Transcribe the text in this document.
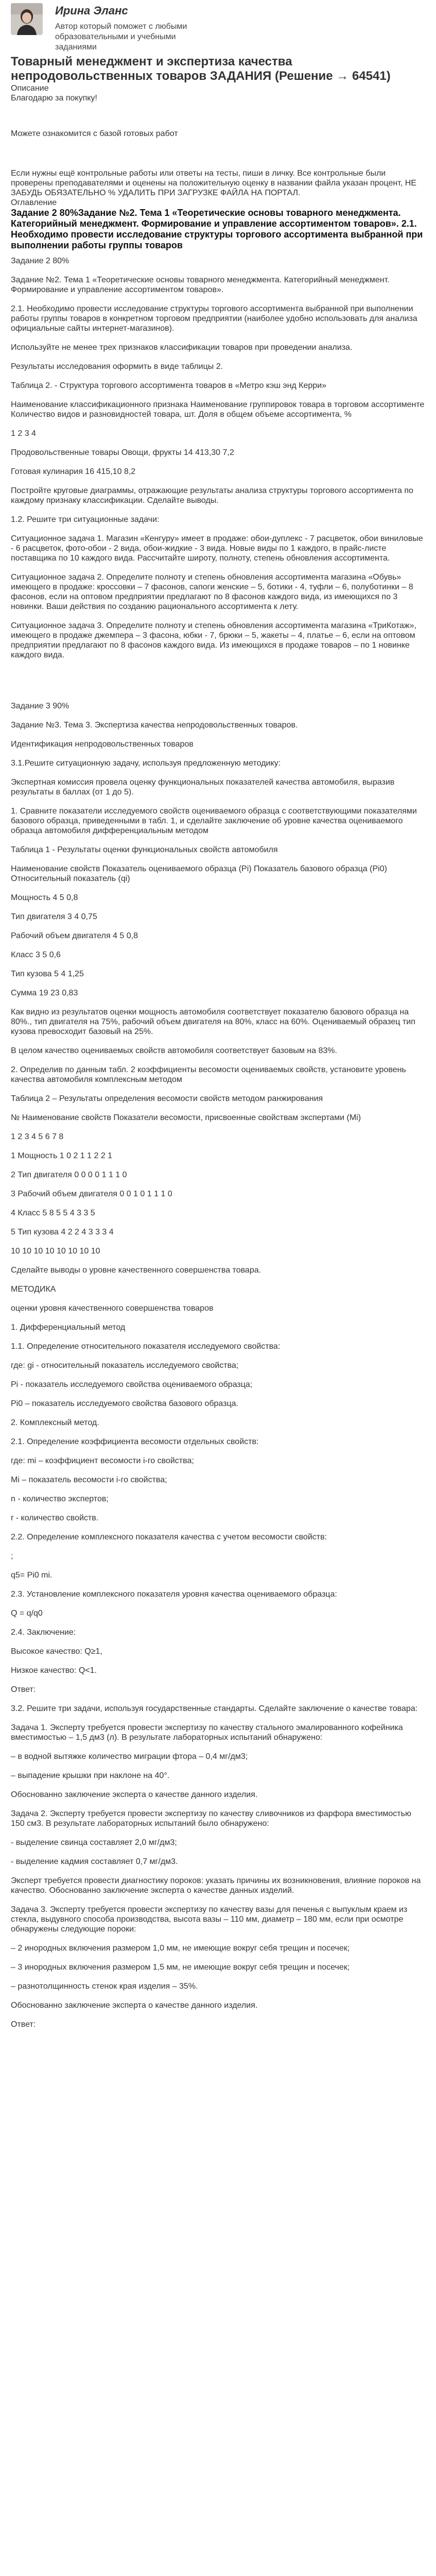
Ирина Эланс
Автор который поможет с любыми образовательными и учебными заданиями
Товарный менеджмент и экспертиза качества непродовольственных товаров ЗАДАНИЯ (Решение → 64541)
Описание
Благодарю за покупку!
Можете ознакомится с базой готовых работ
Если нужны ещё контрольные работы или ответы на тесты, пиши в личку. Все контрольные были проверены преподавателями и оценены на положительную оценку в названии файла указан процент, НЕ ЗАБУДЬ ОБЯЗАТЕЛЬНО % УДАЛИТЬ ПРИ ЗАГРУЗКЕ ФАЙЛА НА ПОРТАЛ.
Оглавление
Задание 2 80%Задание №2. Тема 1 «Теоретические основы товарного менеджмента. Категорийный менеджмент. Формирование и управление ассортиментом товаров». 2.1. Необходимо провести исследование структуры торгового ассортимента выбранной при выполнении работы группы товаров
Задание 2 80%
Задание №2. Тема 1 «Теоретические основы товарного менеджмента. Категорийный менеджмент. Формирование и управление ассортиментом товаров».
2.1. Необходимо провести исследование структуры торгового ассортимента выбранной при выполнении работы группы товаров в конкретном торговом предприятии (наиболее удобно использовать для анализа официальные сайты интернет-магазинов).
Используйте не менее трех признаков классификации товаров при проведении анализа.
Результаты исследования оформить в виде таблицы 2.
Таблица 2. - Структура торгового ассортимента товаров в «Метро кэш энд Керри»
Наименование классификационного признака Наименование группировок товара в торговом ассортименте Количество видов и разновидностей товара, шт. Доля в общем объеме ассортимента, %
1 2 3 4
Продовольственные товары Овощи, фрукты 14 413,30 7,2
Готовая кулинария 16 415,10 8,2
Постройте круговые диаграммы, отражающие результаты анализа структуры торгового ассортимента по каждому признаку классификации. Сделайте выводы.
1.2. Решите три ситуационные задачи:
Ситуационное задача 1. Магазин «Кенгуру» имеет в продаже: обои-дуплекс - 7 расцветок, обои виниловые - 6 расцветок, фото-обои - 2 вида, обои-жидкие - 3 вида. Новые виды по 1 каждого, в прайс-листе поставщика по 10 каждого вида. Рассчитайте широту, полноту, степень обновления ассортимента.
Ситуационное задача 2. Определите полноту и степень обновления ассортимента магазина «Обувь» имеющего в продаже: кроссовки – 7 фасонов, сапоги женские – 5, ботики - 4, туфли – 6, полуботинки – 8 фасонов, если на оптовом предприятии предлагают по 8 фасонов каждого вида, из имеющихся по 3 новинки. Ваши действия по созданию рационального ассортимента к лету.
Ситуационное задача 3. Определите полноту и степень обновления ассортимента магазина «ТриКотаж», имеющего в продаже джемпера – 3 фасона, юбки - 7, брюки – 5, жакеты – 4, платье – 6, если на оптовом предприятии предлагают по 8 фасонов каждого вида. Из имеющихся в продаже товаров – по 1 новинке каждого вида.
Задание 3 90%
Задание №3. Тема 3. Экспертиза качества непродовольственных товаров.
Идентификация непродовольственных товаров
3.1.Решите ситуационную задачу, используя предложенную методику:
Экспертная комиссия провела оценку функциональных показателей качества автомобиля, выразив результаты в баллах (от 1 до 5).
1. Сравните показатели исследуемого свойств оцениваемого образца с соответствующими показателями базового образца, приведенными в табл. 1, и сделайте заключение об уровне качества оцениваемого образца автомобиля дифференциальным методом
Таблица 1 - Результаты оценки функциональных свойств автомобиля
Наименование свойств Показатель оцениваемого образца (Pi) Показатель базового образца (Pi0) Относительный показатель (qi)
Мощность 4 5 0,8
Тип двигателя 3 4 0,75
Рабочий объем двигателя 4 5 0,8
Класс 3 5 0,6
Тип кузова 5 4 1,25
Сумма 19 23 0,83
Как видно из результатов оценки мощность автомобиля соответствует показателю базового образца на 80%., тип двигателя на 75%, рабочий объем двигателя на 80%, класс на 60%. Оцениваемый образец тип кузова превосходит базовый на 25%.
В целом качество оцениваемых свойств автомобиля соответствует базовым на 83%.
2. Определив по данным табл. 2 коэффициенты весомости оцениваемых свойств, установите уровень качества автомобиля комплексным методом
Таблица 2 – Результаты определения весомости свойств методом ранжирования
№ Наименование свойств Показатели весомости, присвоенные свойствам экспертами (Mi)
1 2 3 4 5 6 7 8
1 Мощность 1 0 2 1 1 2 2 1
2 Тип двигателя 0 0 0 0 1 1 1 0
3 Рабочий объем двигателя 0 0 1 0 1 1 1 0
4 Класс 5 8 5 5 4 3 3 5
5 Тип кузова 4 2 2 4 3 3 3 4
10 10 10 10 10 10 10 10
Сделайте выводы о уровне качественного совершенства товара.
МЕТОДИКА
оценки уровня качественного совершенства товаров
1. Дифференциальный метод
1.1. Определение относительного показателя исследуемого свойства:
где: gi - относительный показатель исследуемого свойства;
Pi - показатель исследуемого свойства оцениваемого образца;
Pi0 – показатель исследуемого свойства базового образца.
2. Комплексный метод.
2.1. Определение коэффициента весомости отдельных свойств:
где: mi – коэффициент весомости i-го свойства;
Mi – показатель весомости i-го свойства;
n - количество экспертов;
r - количество свойств.
2.2. Определение комплексного показателя качества с учетом весомости свойств:
;
q5= Pi0 mi.
2.3. Установление комплексного показателя уровня качества оцениваемого образца:
Q = q/q0
2.4. Заключение:
Высокое качество: Q≥1,
Низкое качество: Q<1.
Ответ:
3.2. Решите три задачи, используя государственные стандарты. Сделайте заключение о качестве товара:
Задача 1. Эксперту требуется провести экспертизу по качеству стального эмалированного кофейника вместимостью – 1,5 дм3 (л). В результате лабораторных испытаний обнаружено:
– в водной вытяжке количество миграции фтора – 0,4 мг/дм3;
– выпадение крышки при наклоне на 40°.
Обоснованно заключение эксперта о качестве данного изделия.
Задача 2. Эксперту требуется провести экспертизу по качеству сливочников из фарфора вместимостью 150 см3. В результате лабораторных испытаний было обнаружено:
- выделение свинца составляет 2,0 мг/дм3;
- выделение кадмия составляет 0,7 мг/дм3.
Эксперт требуется провести диагностику пороков: указать причины их возникновения, влияние пороков на качество. Обоснованно заключение эксперта о качестве данных изделий.
Задача 3. Эксперту требуется провести экспертизу по качеству вазы для печенья с выпуклым краем из стекла, выдувного способа производства, высота вазы – 110 мм, диаметр – 180 мм, если при осмотре обнаружены следующие пороки:
– 2 инородных включения размером 1,0 мм, не имеющие вокруг себя трещин и посечек;
– 3 инородных включения размером 1,5 мм, не имеющие вокруг себя трещин и посечек;
– разнотолщинность стенок края изделия – 35%.
Обоснованно заключение эксперта о качестве данного изделия.
Ответ:
